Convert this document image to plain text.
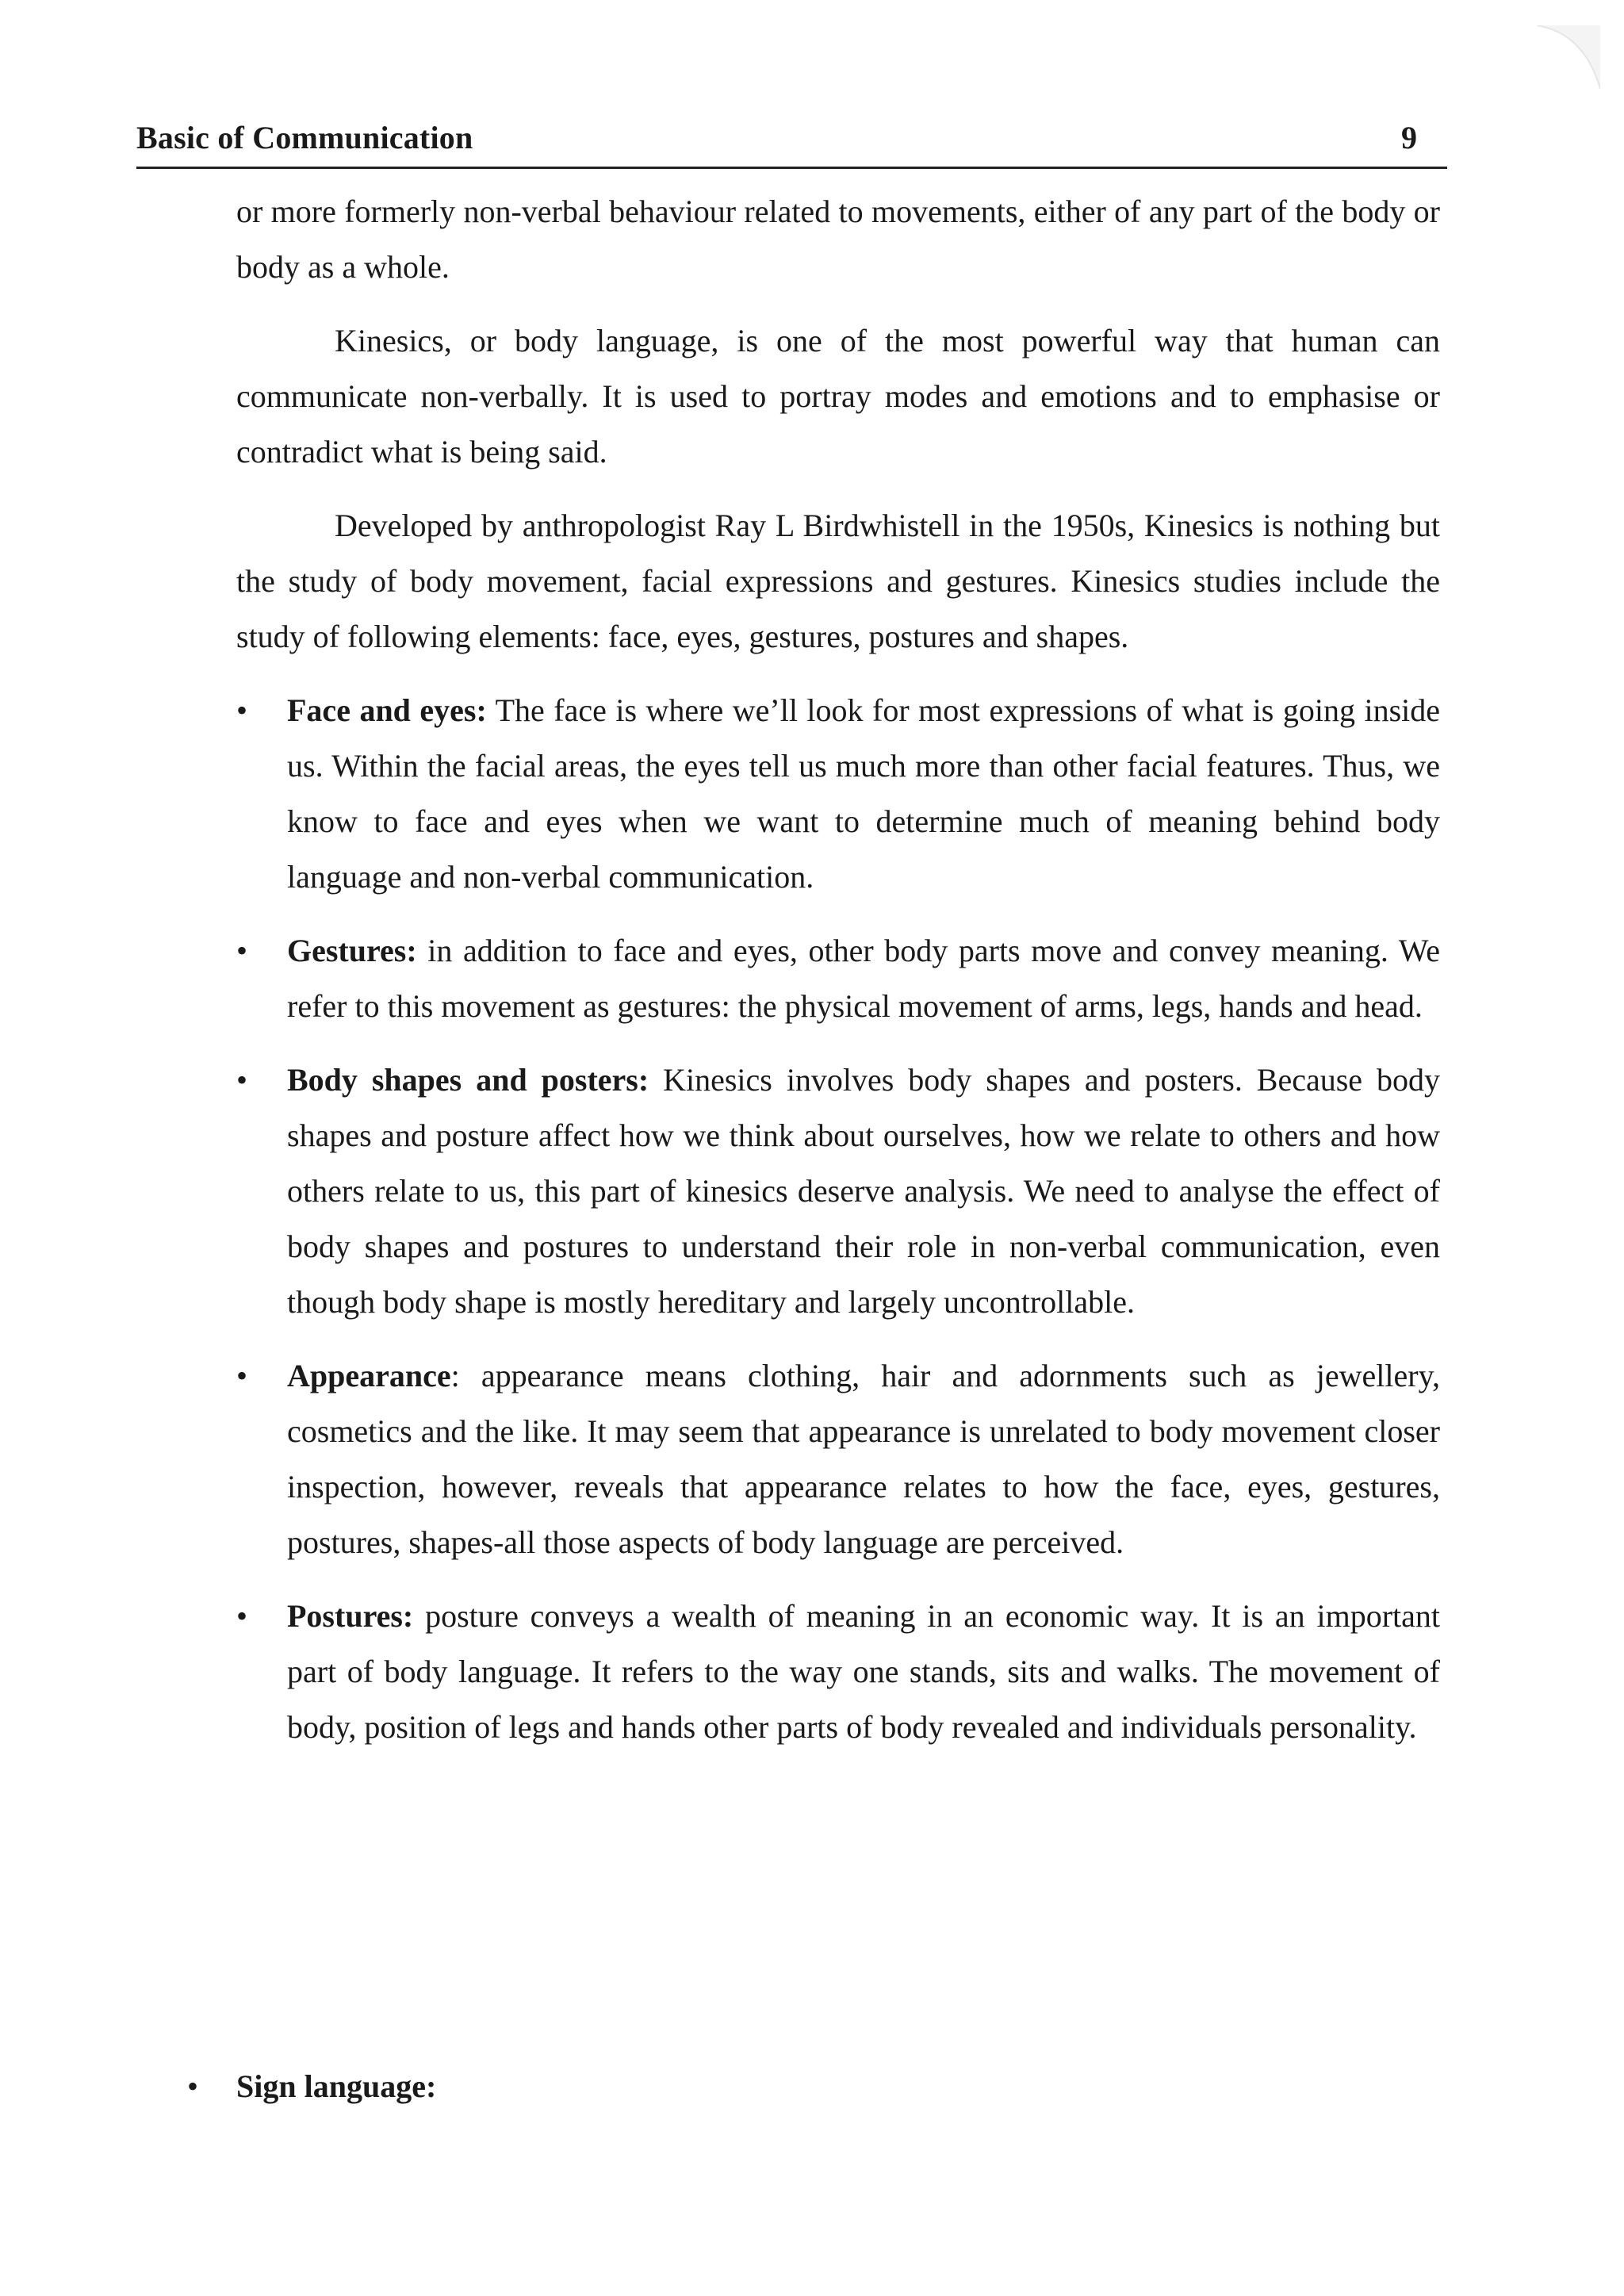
Basic of Communication	9

or more formerly non-verbal behaviour related to movements, either of any part of the body or body as a whole.

Kinesics, or body language, is one of the most powerful way that human can communicate non-verbally. It is used to portray modes and emotions and to emphasise or contradict what is being said.

Developed by anthropologist Ray L Birdwhistell in the 1950s, Kinesics is nothing but the study of body movement, facial expressions and gestures. Kinesics studies include the study of following elements: face, eyes, gestures, postures and shapes.

• Face and eyes: The face is where we’ll look for most expressions of what is going inside us. Within the facial areas, the eyes tell us much more than other facial features. Thus, we know to face and eyes when we want to determine much of meaning behind body language and non-verbal communication.
• Gestures: in addition to face and eyes, other body parts move and convey meaning. We refer to this movement as gestures: the physical movement of arms, legs, hands and head.
• Body shapes and posters: Kinesics involves body shapes and posters. Because body shapes and posture affect how we think about ourselves, how we relate to others and how others relate to us, this part of kinesics deserve analysis. We need to analyse the effect of body shapes and postures to understand their role in non-verbal communication, even though body shape is mostly hereditary and largely uncontrollable.
• Appearance: appearance means clothing, hair and adornments such as jewellery, cosmetics and the like. It may seem that appearance is unrelated to body movement closer inspection, however, reveals that appearance relates to how the face, eyes, gestures, postures, shapes-all those aspects of body language are perceived.
• Postures: posture conveys a wealth of meaning in an economic way. It is an important part of body language. It refers to the way one stands, sits and walks. The movement of body, position of legs and hands other parts of body revealed and individuals personality.
• Sign language:
